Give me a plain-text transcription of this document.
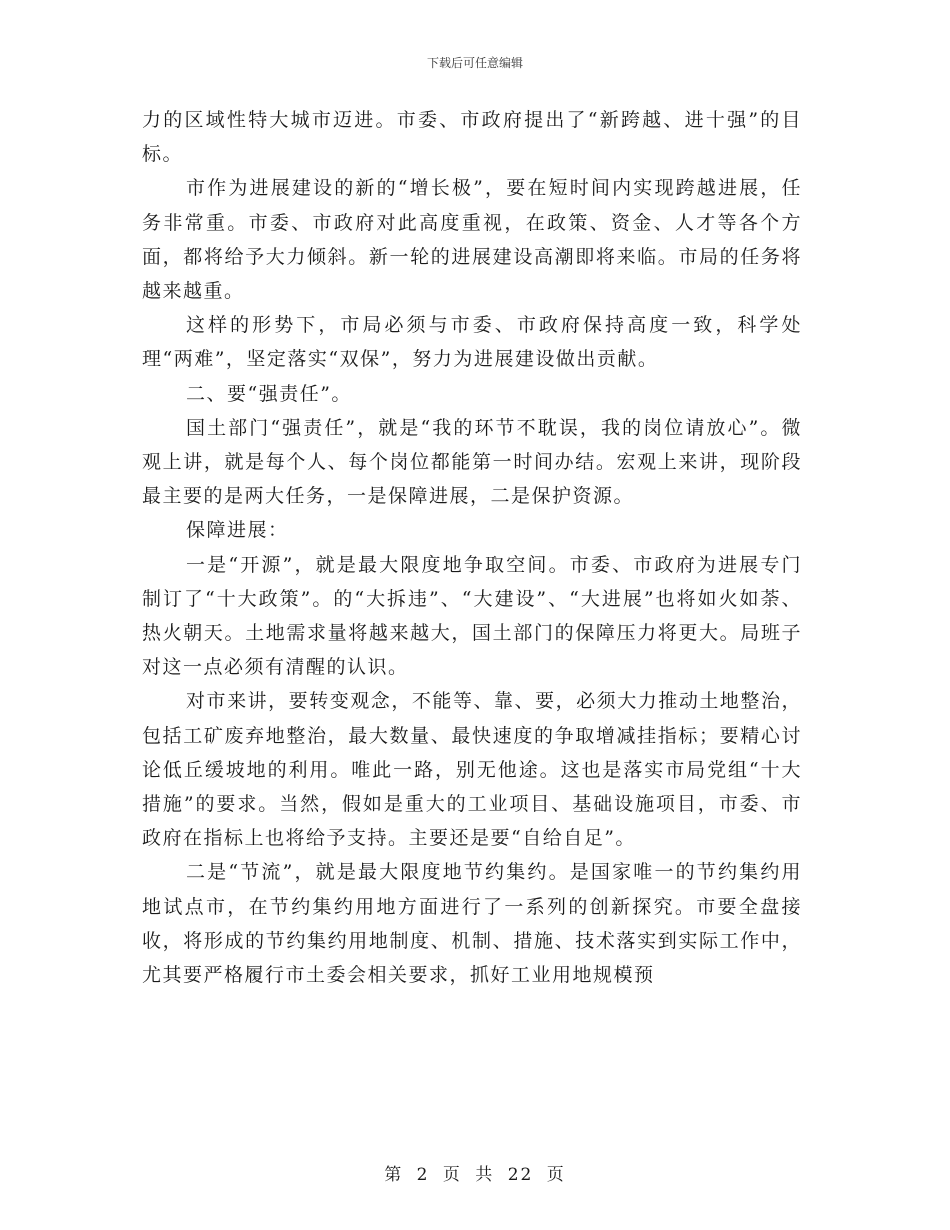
下载后可任意编辑

力的区域性特大城市迈进。市委、市政府提出了“新跨越、进十强”的目标。

市作为进展建设的新的“增长极”，要在短时间内实现跨越进展，任务非常重。市委、市政府对此高度重视，在政策、资金、人才等各个方面，都将给予大力倾斜。新一轮的进展建设高潮即将来临。市局的任务将越来越重。

这样的形势下，市局必须与市委、市政府保持高度一致，科学处理“两难”，坚定落实“双保”，努力为进展建设做出贡献。

二、要“强责任”。

国土部门“强责任”，就是“我的环节不耽误，我的岗位请放心”。微观上讲，就是每个人、每个岗位都能第一时间办结。宏观上来讲，现阶段最主要的是两大任务，一是保障进展，二是保护资源。

保障进展：

一是“开源”，就是最大限度地争取空间。市委、市政府为进展专门制订了“十大政策”。的“大拆违”、“大建设”、“大进展”也将如火如荼、热火朝天。土地需求量将越来越大，国土部门的保障压力将更大。局班子对这一点必须有清醒的认识。

对市来讲，要转变观念，不能等、靠、要，必须大力推动土地整治，包括工矿废弃地整治，最大数量、最快速度的争取增减挂指标；要精心讨论低丘缓坡地的利用。唯此一路，别无他途。这也是落实市局党组“十大措施”的要求。当然，假如是重大的工业项目、基础设施项目，市委、市政府在指标上也将给予支持。主要还是要“自给自足”。

二是“节流”，就是最大限度地节约集约。是国家唯一的节约集约用地试点市，在节约集约用地方面进行了一系列的创新探究。市要全盘接收，将形成的节约集约用地制度、机制、措施、技术落实到实际工作中，尤其要严格履行市土委会相关要求，抓好工业用地规模预

第 2 页 共 22 页
